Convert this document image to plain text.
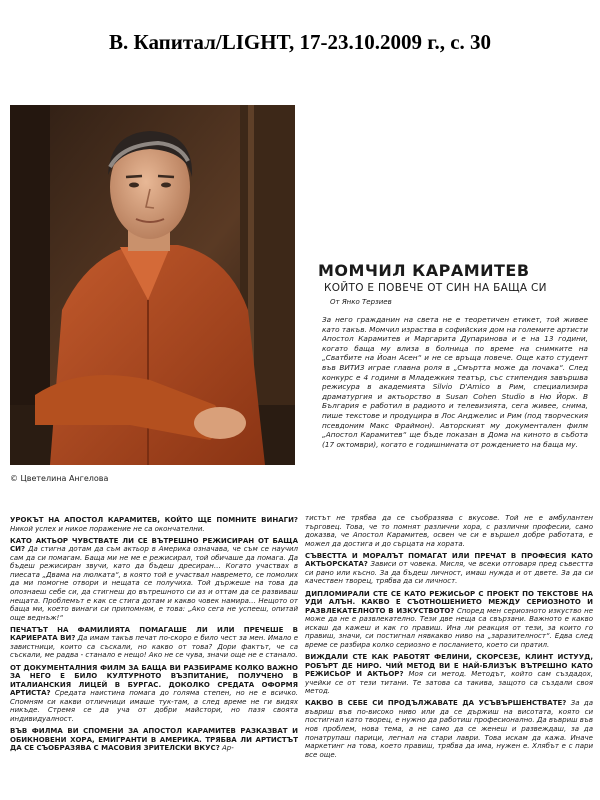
В. Капитал/LIGHT, 17-23.10.2009 г., с. 30
© Цветелина Ангелова
МОМЧИЛ КАРАМИТЕВ
КОЙТО Е ПОВЕЧЕ ОТ СИН НА БАЩА СИ
От Янко Терзиев

За него гражданин на света не е теоретичен етикет, той живее като такъв. Момчил израства в софийския дом на големите артисти Апостол Карамитев и Маргарита Дупаринова и е на 13 години, когато баща му влиза в болница по време на снимките на „Сватбите на Йоан Асен“ и не се връща повече. Още като студент във ВИТИЗ играе главна роля в „Смъртта може да почака“. След конкурс е 4 години в Младежкия театър, със стипендия завършва режисура в академията Silvio D'Amico в Рим, специализира драматургия и актьорство в Susan Cohen Studio в Ню Йорк. В България е работил в радиото и телевизията, сега живее, снима, пише текстове и продуцира в Лос Анджелис и Рим (под творческия псевдоним Макс Фраймон). Авторският му документален филм „Апостол Карамитев“ ще бъде показан в Дома на киното в събота (17 октомври), когато е годишнината от рождението на баща му.

УРОКЪТ НА АПОСТОЛ КАРАМИТЕВ, КОЙТО ЩЕ ПОМНИТЕ ВИНАГИ? Никой успех и никое поражение не са окончателни.

КАТО АКТЬОР ЧУВСТВАТЕ ЛИ СЕ ВЪТРЕШНО РЕЖИСИРАН ОТ БАЩА СИ? Да стигна дотам да съм актьор в Америка означава, че съм се научил сам да си помагам. Баща ми не ме е режисирал, той обичаше да помага. Да бъдеш режисиран звучи, като да бъдеш дресиран… Когато участвах в пиесата „Двама на люлката“, в която той е участвал навремето, се помолих да ми помогне отвори и нещата се получиха. Той държеше на това да опознаеш себе си, да стигнеш до вътрешното си аз и оттам да се развиваш нещата. Проблемът е как се стига дотам и какво човек намира… Нещото от баща ми, което винаги си припомням, е това: „Ако сега не успееш, опитай още веднъж!“

ПЕЧАТЪТ НА ФАМИЛИЯТА ПОМАГАШЕ ЛИ ИЛИ ПРЕЧЕШЕ В КАРИЕРАТА ВИ? Да имам такъв печат по-скоро е било чест за мен. Имало е завистници, които са съскали, но какво от това? Дори фактът, че са съскали, ме радва - станало е нещо! Ако не се чува, значи още не е станало.

ОТ ДОКУМЕНТАЛНИЯ ФИЛМ ЗА БАЩА ВИ РАЗБИРАМЕ КОЛКО ВАЖНО ЗА НЕГО Е БИЛО КУЛТУРНОТО ВЪЗПИТАНИЕ, ПОЛУЧЕНО В ИТАЛИАНСКИЯ ЛИЦЕЙ В БУРГАС. ДОКОЛКО СРЕДАТА ОФОРМЯ АРТИСТА? Средата наистина помага до голяма степен, но не е всичко. Спомням си какви отличници имаше тук-там, а след време не ги видях никъде. Стремя се да уча от добри майстори, но пазя своята индивидуалност.

ВЪВ ФИЛМА ВИ СПОМЕНИ ЗА АПОСТОЛ КАРАМИТЕВ РАЗКАЗВАТ И ОБИКНОВЕНИ ХОРА, ЕМИГРАНТИ В АМЕРИКА. ТРЯБВА ЛИ АРТИСТЪТ ДА СЕ СЪОБРАЗЯВА С МАСОВИЯ ЗРИТЕЛСКИ ВКУС? Ар-

тистът не трябва да се съобразява с вкусове. Той не е амбулантен търговец. Това, че то помнят различни хора, с различни професии, само доказва, че Апостол Карамитев, освен че си е вършел добре работата, е можел да достига и до сърцата на хората.

СЪВЕСТТА И МОРАЛЪТ ПОМАГАТ ИЛИ ПРЕЧАТ В ПРОФЕСИЯ КАТО АКТЬОРСКАТА? Зависи от човека. Мисля, че всеки отговаря пред съвестта си рано или късно. За да бъдеш личност, имаш нужда и от двете. За да си качествен творец, трябва да си личност.

ДИПЛОМИРАЛИ СТЕ СЕ КАТО РЕЖИСЬОР С ПРОЕКТ ПО ТЕКСТОВЕ НА УДИ АЛЪН. КАКВО Е СЪОТНОШЕНИЕТО МЕЖДУ СЕРИОЗНОТО И РАЗВЛЕКАТЕЛНОТО В ИЗКУСТВОТО? Според мен сериозното изкуство не може да не е развлекателно. Тези две неща са свързани. Важното е какво искаш да кажеш и как го правиш. Ина ли реакция от тези, за които го правиш, значи, си постигнал нявкакво ниво на „заразителност“. Едва след време се разбира колко сериозно е посланието, което си пратил.

ВИЖДАЛИ СТЕ КАК РАБОТЯТ ФЕЛИНИ, СКОРСЕЗЕ, КЛИНТ ИСТУУД, РОБЪРТ ДЕ НИРО. ЧИЙ МЕТОД ВИ Е НАЙ-БЛИЗЪК ВЪТРЕШНО КАТО РЕЖИСЬОР И АКТЬОР? Моя си метод. Методът, който сам създадох, учейки се от тези титани. Те затова са такива, защото са създали своя метод.

КАКВО В СЕБЕ СИ ПРОДЪЛЖАВАТЕ ДА УСЪВЪРШЕНСТВАТЕ? За да въвриш във по-високо ниво или да се държиш на висотата, която си постигнал като творец, е нужно да работиш професионално. Да въвриш във нов проблем, нова тема, а не само да се женеш и развеждаш, за да понатрупаш парици, легнал на стари лаври. Това искам да кажа. Иначе маркетинг на това, което правиш, трябва да има, нужен е. Хлябът е с пари все още.
